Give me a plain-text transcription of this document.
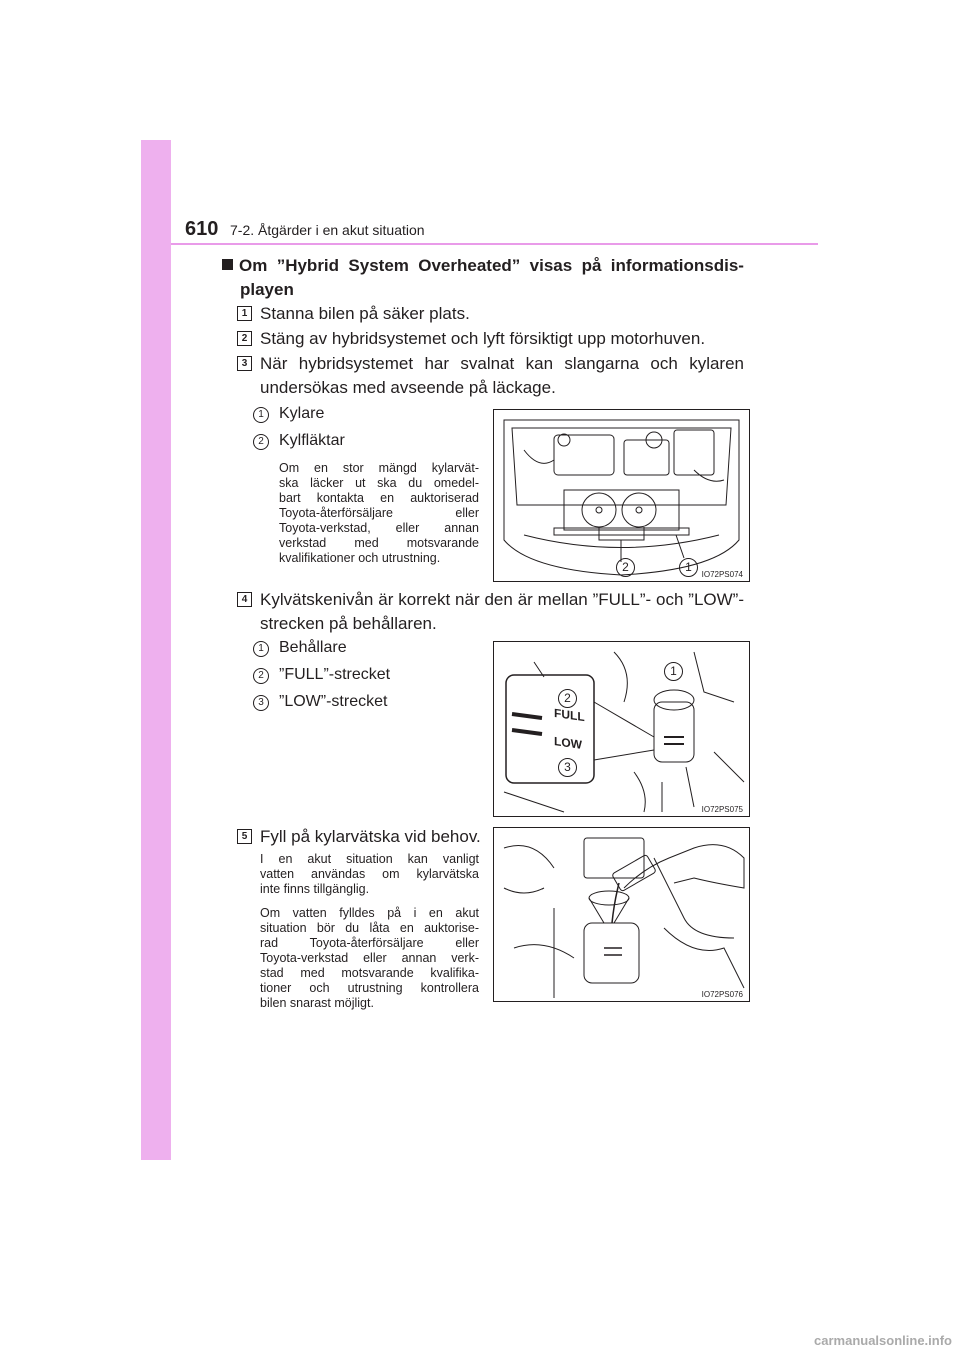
610 7-2. Åtgärder i en akut situation
Om ”Hybrid System Overheated” visas på informationsdis-
playen
1 Stanna bilen på säker plats.
2 Stäng av hybridsystemet och lyft försiktigt upp motorhuven.
3 När hybridsystemet har svalnat kan slangarna och kylaren
undersökas med avseende på läckage.
1 Kylare
2 Kylfläktar
Om en stor mängd kylarvät-
ska läcker ut ska du omedel-
bart kontakta en auktoriserad
Toyota-återförsäljare eller
Toyota-verkstad, eller annan
verkstad med motsvarande
kvalifikationer och utrustning.
2	1
IO72PS074
4 Kylvätskenivån är korrekt när den är mellan ”FULL”- och ”LOW”-
strecken på behållaren.
1 Behållare
2 ”FULL”-strecket
3 ”LOW”-strecket
FULL
LOW
1
2
3
IO72PS075
5 Fyll på kylarvätska vid behov.
I en akut situation kan vanligt
vatten användas om kylarvätska
inte finns tillgänglig.
Om vatten fylldes på i en akut
situation bör du låta en auktorise-
rad Toyota-återförsäljare eller
Toyota-verkstad eller annan verk-
stad med motsvarande kvalifika-
tioner och utrustning kontrollera
bilen snarast möjligt.
IO72PS076
carmanualsonline.info
